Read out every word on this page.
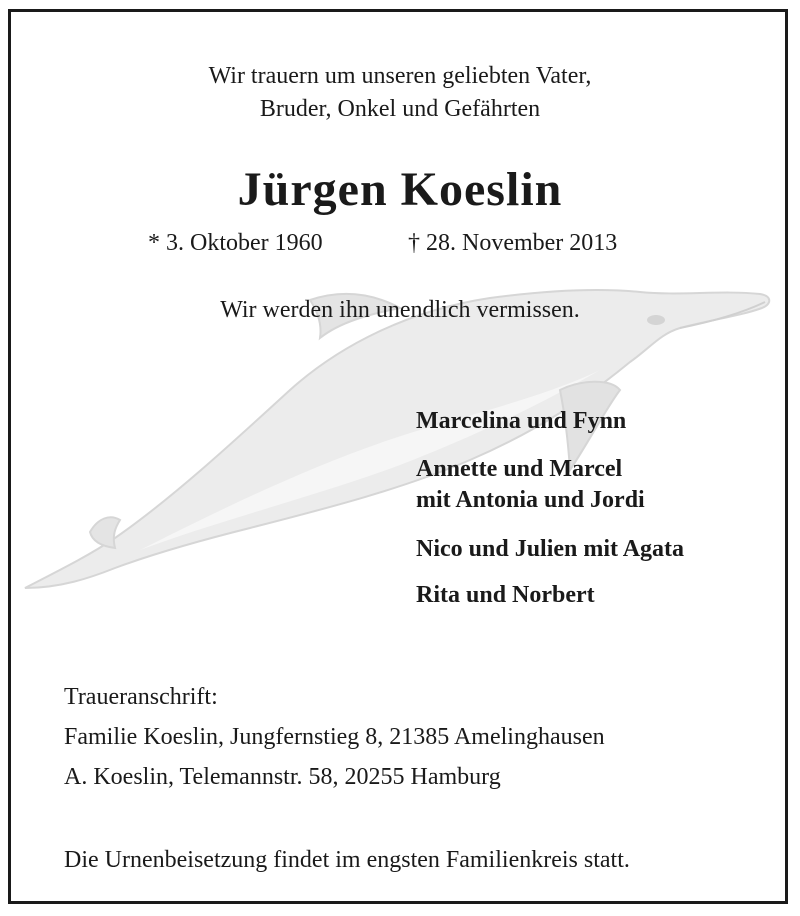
Wir trauern um unseren geliebten Vater,
Bruder, Onkel und Gefährten
Jürgen Koeslin
* 3. Oktober 1960	† 28. November 2013
Wir werden ihn unendlich vermissen.
Marcelina und Fynn
Annette und Marcel
mit Antonia und Jordi
Nico und Julien mit Agata
Rita und Norbert
Traueranschrift:
Familie Koeslin, Jungfernstieg 8, 21385 Amelinghausen
A. Koeslin, Telemannstr. 58, 20255 Hamburg
Die Urnenbeisetzung findet im engsten Familienkreis statt.
